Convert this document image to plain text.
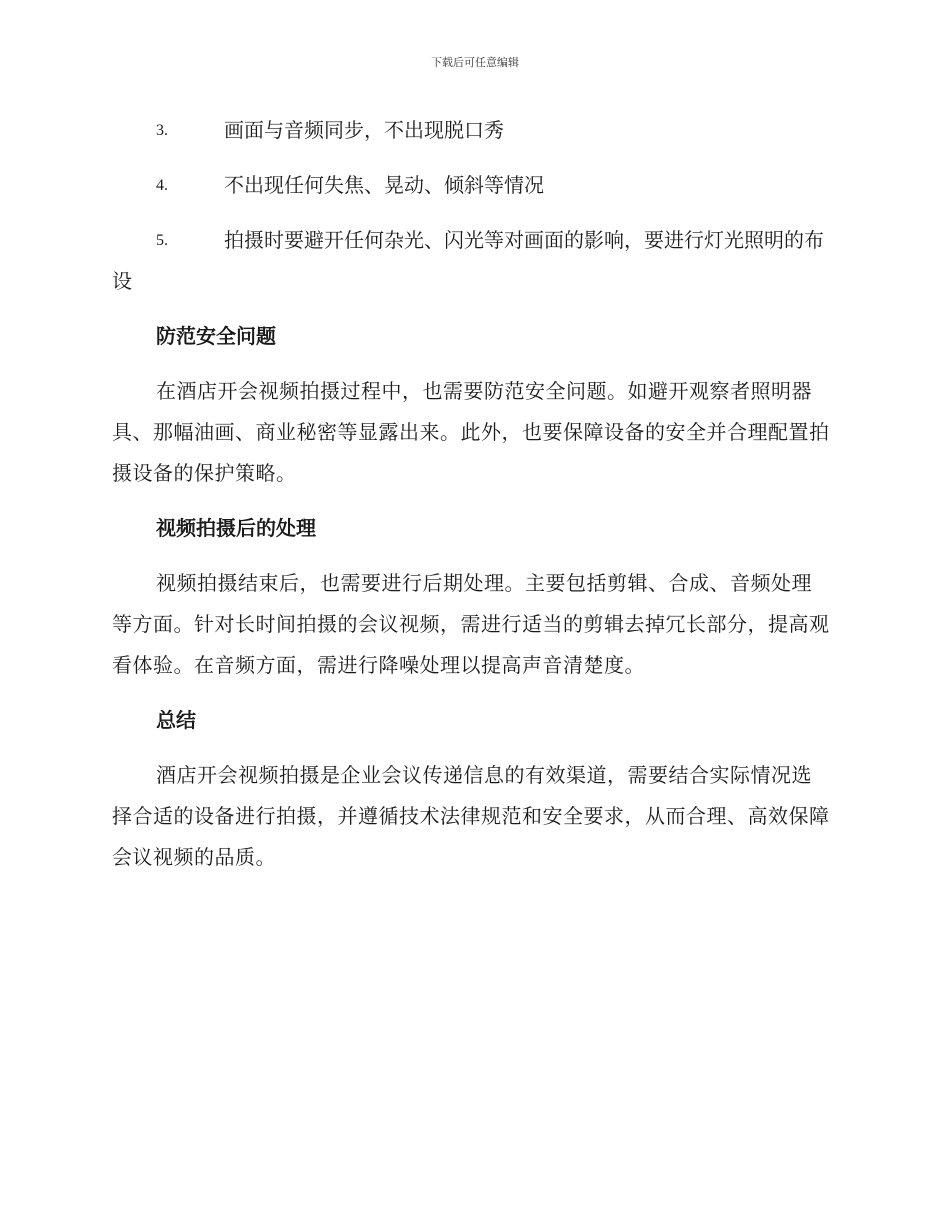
下载后可任意编辑
3.	画面与音频同步，不出现脱口秀
4.	不出现任何失焦、晃动、倾斜等情况
5.	拍摄时要避开任何杂光、闪光等对画面的影响，要进行灯光照明的布设
防范安全问题

在酒店开会视频拍摄过程中，也需要防范安全问题。如避开观察者照明器具、那幅油画、商业秘密等显露出来。此外，也要保障设备的安全并合理配置拍摄设备的保护策略。

视频拍摄后的处理

视频拍摄结束后，也需要进行后期处理。主要包括剪辑、合成、音频处理等方面。针对长时间拍摄的会议视频，需进行适当的剪辑去掉冗长部分，提高观看体验。在音频方面，需进行降噪处理以提高声音清楚度。

总结

酒店开会视频拍摄是企业会议传递信息的有效渠道，需要结合实际情况选择合适的设备进行拍摄，并遵循技术法律规范和安全要求，从而合理、高效保障会议视频的品质。
